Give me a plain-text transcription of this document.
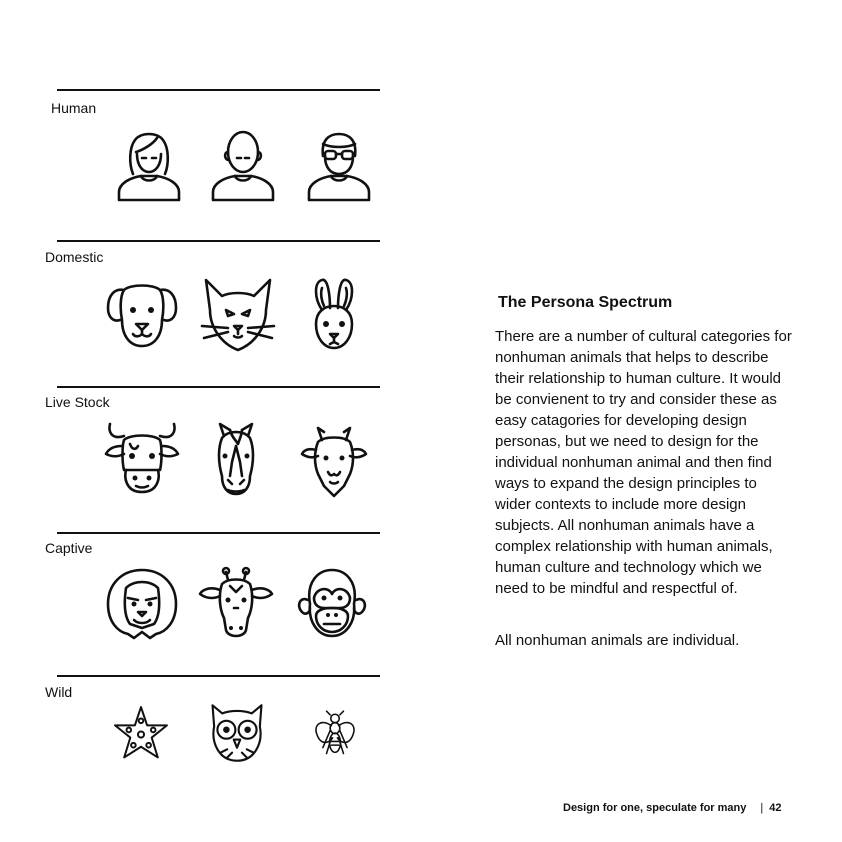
Human
Domestic
Live Stock
Captive
Wild
The Persona Spectrum

There are a number of cultural categories for nonhuman animals that helps to describe their relationship to human culture. It would be convienent to try and consider these as easy catagories for developing design personas, but we need to design for the individual nonhuman animal and then find ways to expand the design principles to wider contexts to include more design subjects. All nonhuman animals have a complex relationship with human animals, human culture and technology which we need to be mindful and respectful of.

All nonhuman animals are individual.

Design for one, speculate for many | 42
